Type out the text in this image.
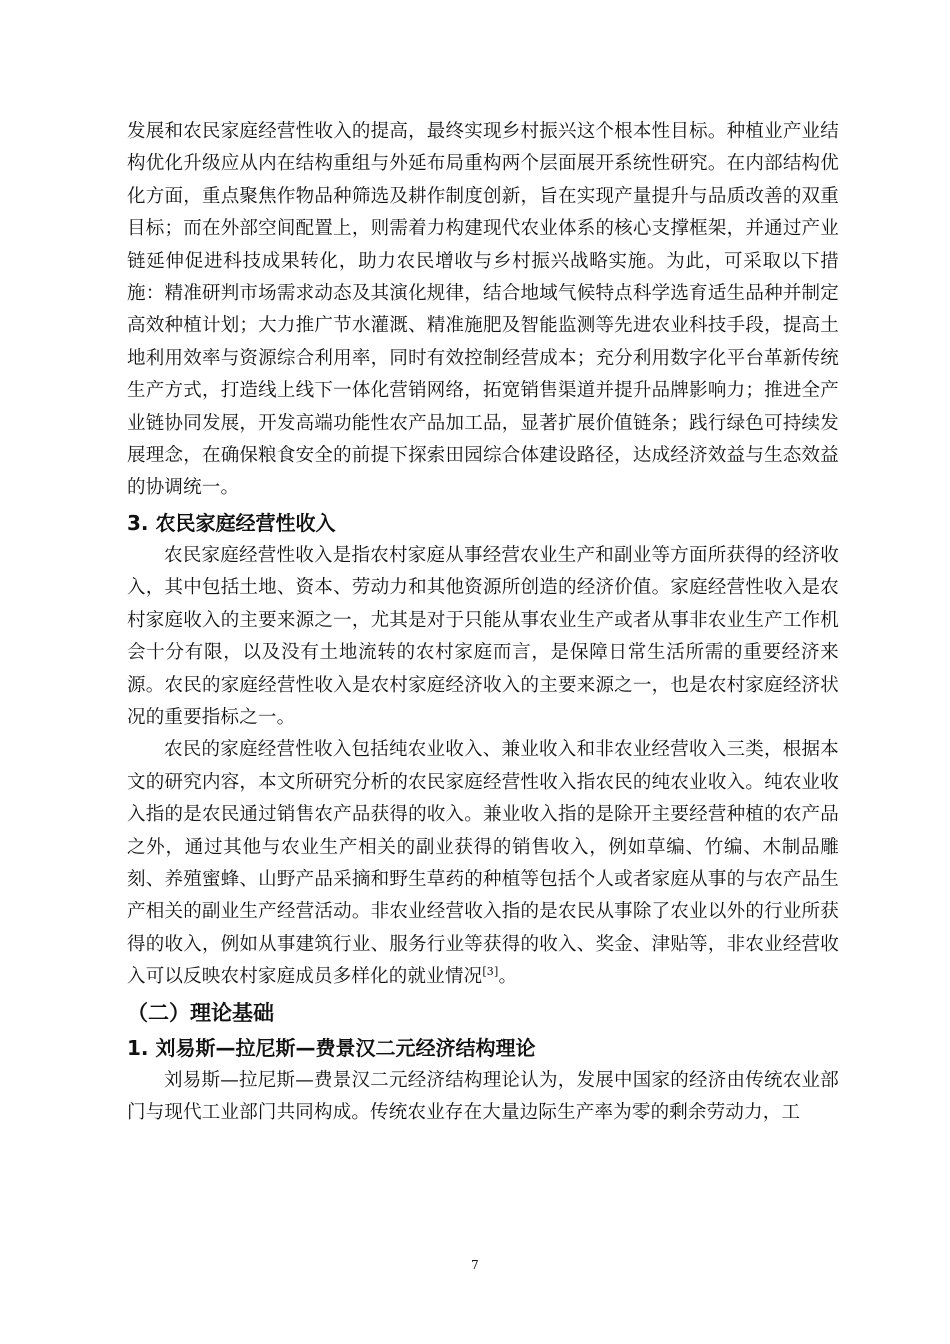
发展和农民家庭经营性收入的提高，最终实现乡村振兴这个根本性目标。种植业产业结构优化升级应从内在结构重组与外延布局重构两个层面展开系统性研究。在内部结构优化方面，重点聚焦作物品种筛选及耕作制度创新，旨在实现产量提升与品质改善的双重目标；而在外部空间配置上，则需着力构建现代农业体系的核心支撑框架，并通过产业链延伸促进科技成果转化，助力农民增收与乡村振兴战略实施。为此，可采取以下措施：精准研判市场需求动态及其演化规律，结合地域气候特点科学选育适生品种并制定高效种植计划；大力推广节水灌溉、精准施肥及智能监测等先进农业科技手段，提高土地利用效率与资源综合利用率，同时有效控制经营成本；充分利用数字化平台革新传统生产方式，打造线上线下一体化营销网络，拓宽销售渠道并提升品牌影响力；推进全产业链协同发展，开发高端功能性农产品加工品，显著扩展价值链条；践行绿色可持续发展理念，在确保粮食安全的前提下探索田园综合体建设路径，达成经济效益与生态效益的协调统一。

3. 农民家庭经营性收入

农民家庭经营性收入是指农村家庭从事经营农业生产和副业等方面所获得的经济收入，其中包括土地、资本、劳动力和其他资源所创造的经济价值。家庭经营性收入是农村家庭收入的主要来源之一，尤其是对于只能从事农业生产或者从事非农业生产工作机会十分有限，以及没有土地流转的农村家庭而言，是保障日常生活所需的重要经济来源。农民的家庭经营性收入是农村家庭经济收入的主要来源之一，也是农村家庭经济状况的重要指标之一。

农民的家庭经营性收入包括纯农业收入、兼业收入和非农业经营收入三类，根据本文的研究内容，本文所研究分析的农民家庭经营性收入指农民的纯农业收入。纯农业收入指的是农民通过销售农产品获得的收入。兼业收入指的是除开主要经营种植的农产品之外，通过其他与农业生产相关的副业获得的销售收入，例如草编、竹编、木制品雕刻、养殖蜜蜂、山野产品采摘和野生草药的种植等包括个人或者家庭从事的与农产品生产相关的副业生产经营活动。非农业经营收入指的是农民从事除了农业以外的行业所获得的收入，例如从事建筑行业、服务行业等获得的收入、奖金、津贴等，非农业经营收入可以反映农村家庭成员多样化的就业情况[3]。

（二）理论基础
1. 刘易斯—拉尼斯—费景汉二元经济结构理论

刘易斯—拉尼斯—费景汉二元经济结构理论认为，发展中国家的经济由传统农业部门与现代工业部门共同构成。传统农业存在大量边际生产率为零的剩余劳动力，工

7
